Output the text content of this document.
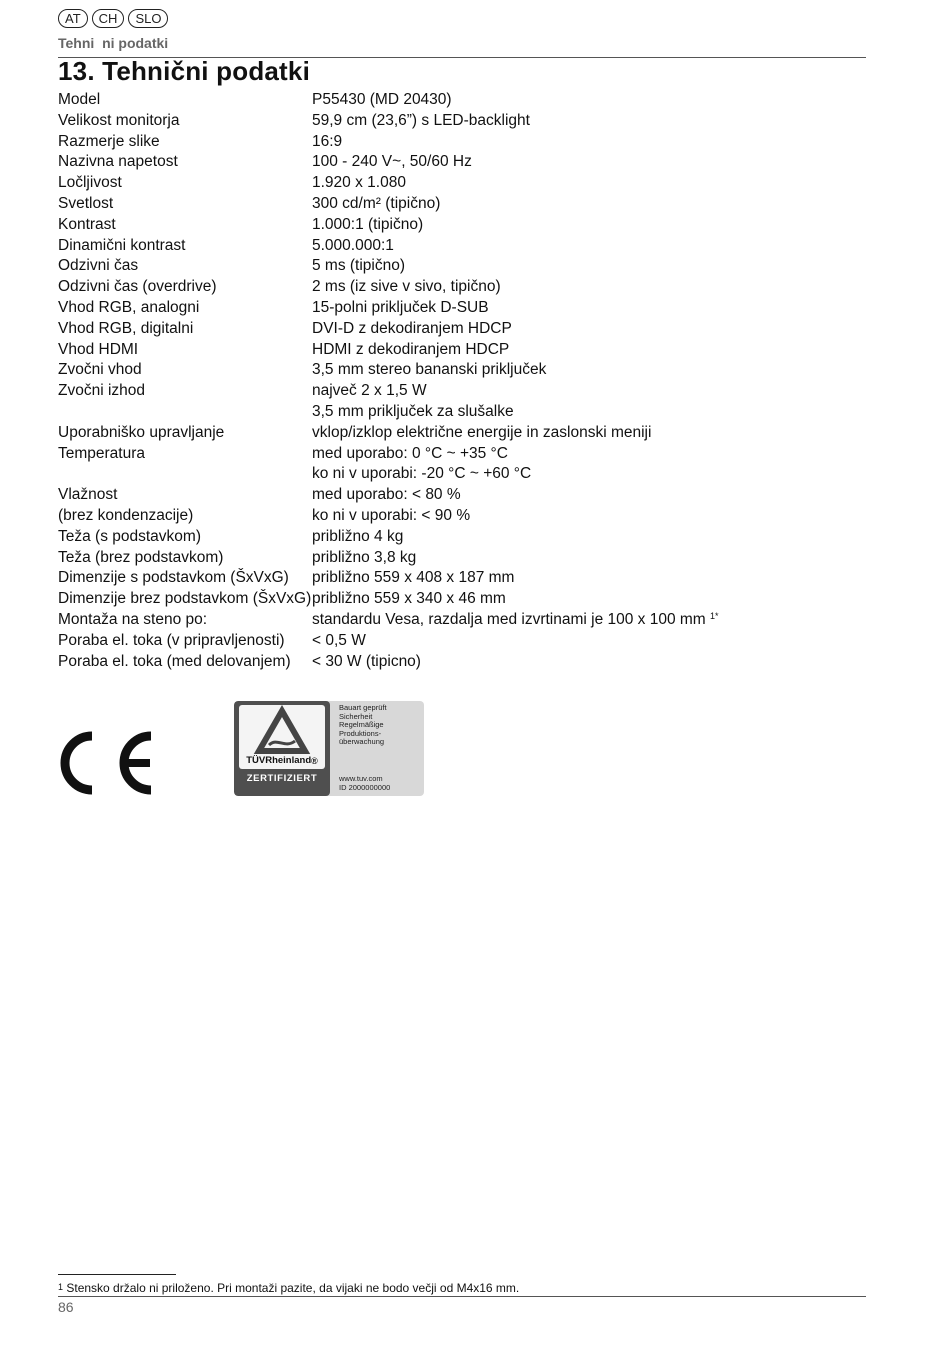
AT	CH	SLO
Tehni  ni podatki
13. Tehnični podatki
Model	P55430 (MD 20430)
Velikost monitorja	59,9 cm (23,6”) s LED-backlight
Razmerje slike	16:9
Nazivna napetost	100 - 240 V~, 50/60 Hz
Ločljivost	1.920 x 1.080
Svetlost	300 cd/m² (tipično)
Kontrast	1.000:1 (tipično)
Dinamični kontrast	5.000.000:1
Odzivni čas	5 ms (tipično)
Odzivni čas (overdrive)	2 ms (iz sive v sivo, tipično)
Vhod RGB, analogni	15-polni priključek D-SUB
Vhod RGB, digitalni	DVI-D z dekodiranjem HDCP
Vhod HDMI	HDMI z dekodiranjem HDCP
Zvočni vhod	3,5 mm stereo bananski priključek
Zvočni izhod	največ 2 x 1,5 W
3,5 mm priključek za slušalke
Uporabniško upravljanje	vklop/izklop električne energije in zaslonski meniji
Temperatura	med uporabo: 0 °C ~ +35 °C
ko ni v uporabi: -20 °C ~ +60 °C
Vlažnost	med uporabo: < 80 %
(brez kondenzacije)	ko ni v uporabi: < 90 %
Teža (s podstavkom)	približno 4 kg
Teža (brez podstavkom)	približno 3,8 kg
Dimenzije s podstavkom (ŠxVxG)	približno 559 x 408 x 187 mm
Dimenzije brez podstavkom (ŠxVxG) približno 559 x 340 x 46 mm
Montaža na steno po:	standardu Vesa, razdalja med izvrtinami je 100 x 100 mm $^{1*}$
Poraba el. toka (v pripravljenosti)	< 0,5 W
Poraba el. toka (med delovanjem)	< 30 W (tipicno)
TÜVRheinland®
ZERTIFIZIERT
Bauart geprüft
Sicherheit
Regelmäßige
Produktions-
überwachung
www.tuv.com
ID 2000000000
$^1$ Stensko držalo ni priloženo. Pri montaži pazite, da vijaki ne bodo večji od M4x16 mm.
86
